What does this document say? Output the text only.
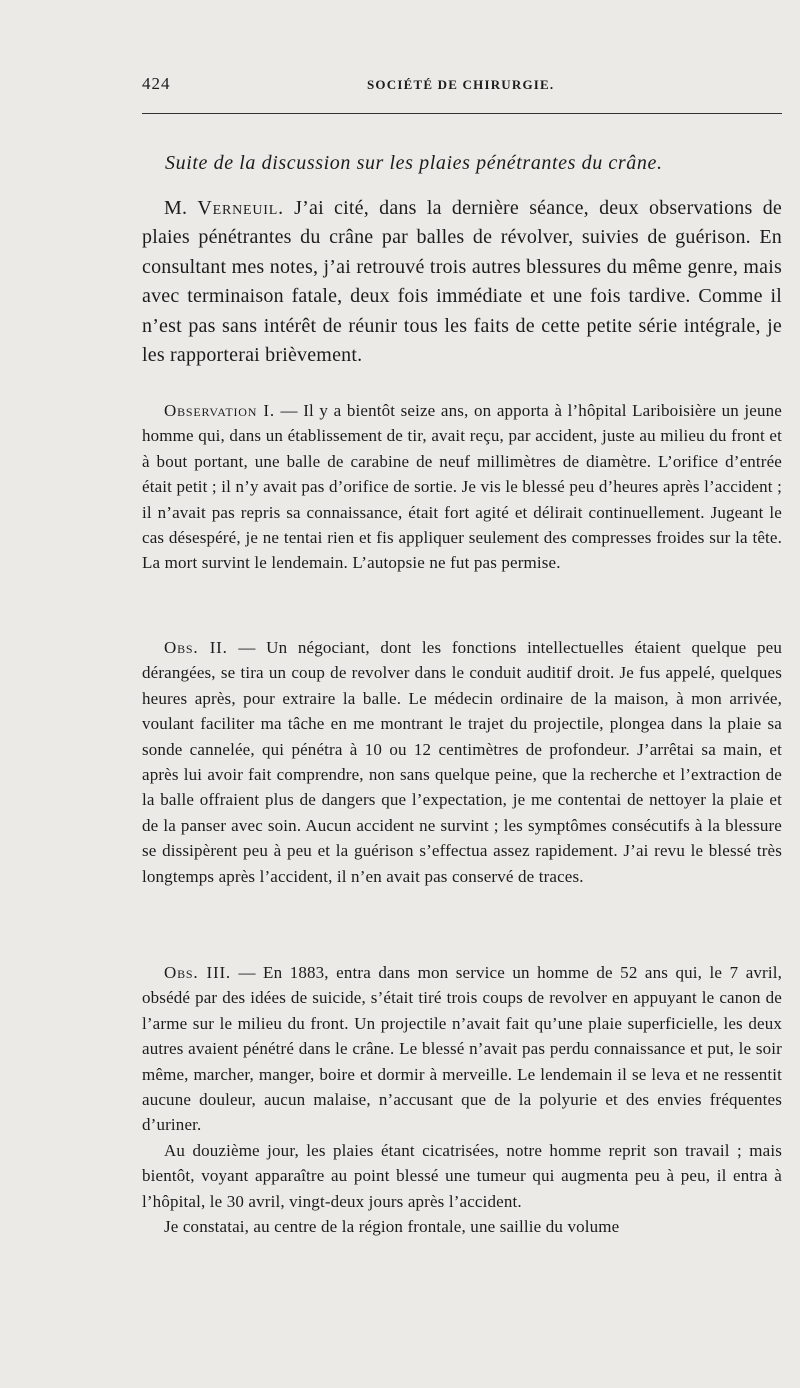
424	SOCIÉTÉ DE CHIRURGIE.
Suite de la discussion sur les plaies pénétrantes du crâne.

M. Verneuil. J’ai cité, dans la dernière séance, deux observations de plaies pénétrantes du crâne par balles de révolver, suivies de guérison. En consultant mes notes, j’ai retrouvé trois autres blessures du même genre, mais avec terminaison fatale, deux fois immédiate et une fois tardive. Comme il n’est pas sans intérêt de réunir tous les faits de cette petite série intégrale, je les rapporterai brièvement.

Observation I. — Il y a bientôt seize ans, on apporta à l’hôpital Lariboisière un jeune homme qui, dans un établissement de tir, avait reçu, par accident, juste au milieu du front et à bout portant, une balle de carabine de neuf millimètres de diamètre. L’orifice d’entrée était petit ; il n’y avait pas d’orifice de sortie. Je vis le blessé peu d’heures après l’accident ; il n’avait pas repris sa connaissance, était fort agité et délirait continuellement. Jugeant le cas désespéré, je ne tentai rien et fis appliquer seulement des compresses froides sur la tête. La mort survint le lendemain. L’autopsie ne fut pas permise.

Obs. II. — Un négociant, dont les fonctions intellectuelles étaient quelque peu dérangées, se tira un coup de revolver dans le conduit auditif droit. Je fus appelé, quelques heures après, pour extraire la balle. Le médecin ordinaire de la maison, à mon arrivée, voulant faciliter ma tâche en me montrant le trajet du projectile, plongea dans la plaie sa sonde cannelée, qui pénétra à 10 ou 12 centimètres de profondeur. J’arrêtai sa main, et après lui avoir fait comprendre, non sans quelque peine, que la recherche et l’extraction de la balle offraient plus de dangers que l’expectation, je me contentai de nettoyer la plaie et de la panser avec soin. Aucun accident ne survint ; les symptômes consécutifs à la blessure se dissipèrent peu à peu et la guérison s’effectua assez rapidement. J’ai revu le blessé très longtemps après l’accident, il n’en avait pas conservé de traces.

Obs. III. — En 1883, entra dans mon service un homme de 52 ans qui, le 7 avril, obsédé par des idées de suicide, s’était tiré trois coups de revolver en appuyant le canon de l’arme sur le milieu du front. Un projectile n’avait fait qu’une plaie superficielle, les deux autres avaient pénétré dans le crâne. Le blessé n’avait pas perdu connaissance et put, le soir même, marcher, manger, boire et dormir à merveille. Le lendemain il se leva et ne ressentit aucune douleur, aucun malaise, n’accusant que de la polyurie et des envies fréquentes d’uriner.

Au douzième jour, les plaies étant cicatrisées, notre homme reprit son travail ; mais bientôt, voyant apparaître au point blessé une tumeur qui augmenta peu à peu, il entra à l’hôpital, le 30 avril, vingt-deux jours après l’accident.

Je constatai, au centre de la région frontale, une saillie du volume
